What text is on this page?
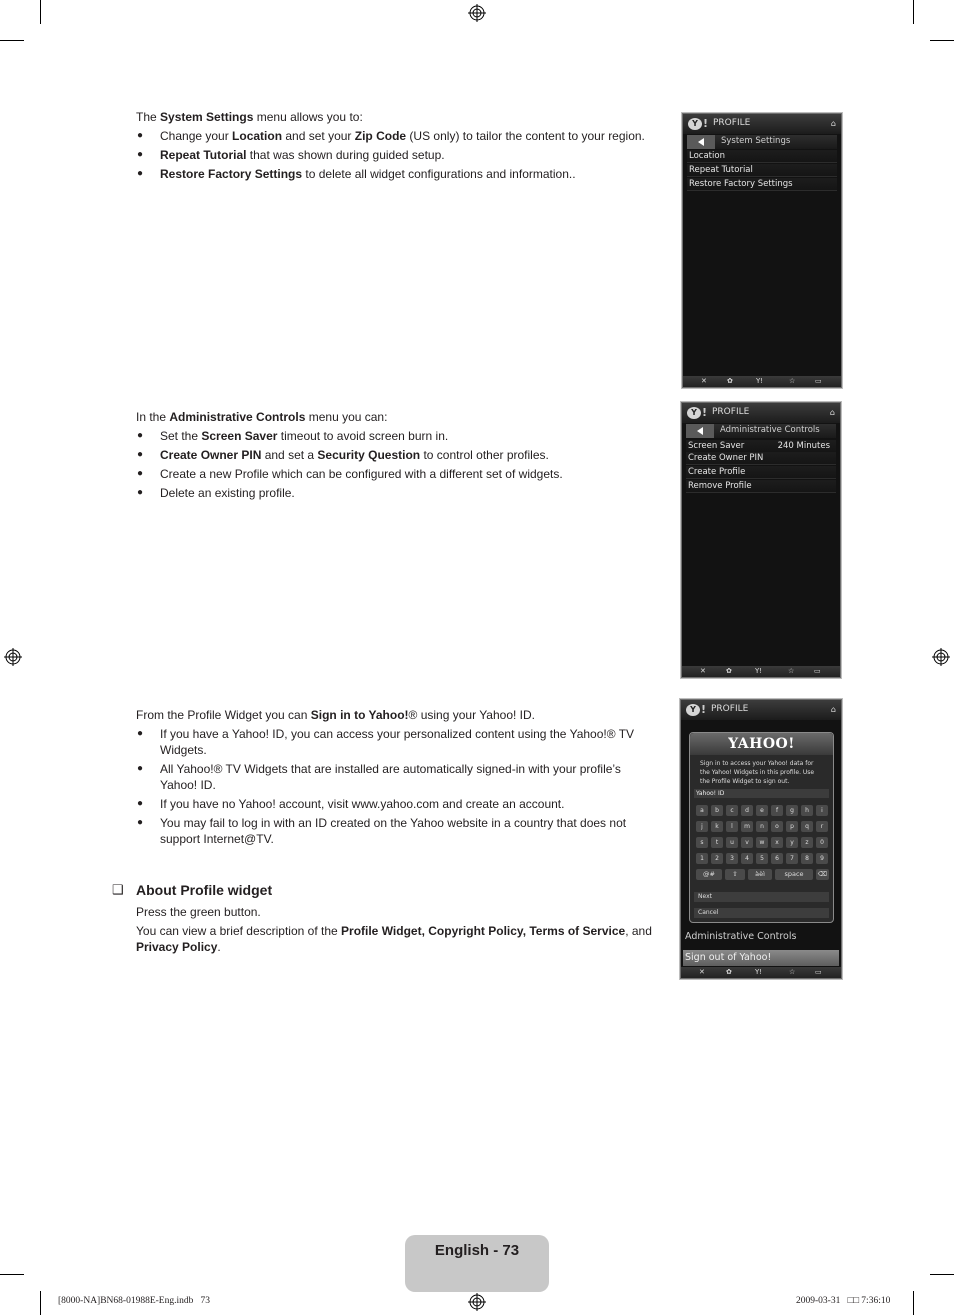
The System Settings menu allows you to:

● Change your Location and set your Zip Code (US only) to tailor the content to your region.
● Repeat Tutorial that was shown during guided setup.
● Restore Factory Settings to delete all widget configurations and information..
Y ! PROFILE	⌂
System Settings
Location
Repeat Tutorial
Restore Factory Settings
✕	✿	Y!	☆	▭

In the Administrative Controls menu you can:

● Set the Screen Saver timeout to avoid screen burn in.
● Create Owner PIN and set a Security Question to control other profiles.
● Create a new Profile which can be configured with a different set of widgets.
● Delete an existing profile.
Y ! PROFILE	⌂
Administrative Controls
Screen Saver	240 Minutes
Create Owner PIN
Create Profile
Remove Profile
✕	✿	Y!	☆	▭

From the Profile Widget you can Sign in to Yahoo!® using your Yahoo! ID.

● If you have a Yahoo! ID, you can access your personalized content using the Yahoo!® TV Widgets.
● All Yahoo!® TV Widgets that are installed are automatically signed-in with your profile’s Yahoo! ID.
● If you have no Yahoo! account, visit www.yahoo.com and create an account.
● You may fail to log in with an ID created on the Yahoo website in a country that does not support Internet@TV.
❑ About Profile widget

Press the green button.

You can view a brief description of the Profile Widget, Copyright Policy, Terms of Service, and Privacy Policy.

Y ! PROFILE	⌂
Administrative Controls
Sign out of Yahoo!
YAHOO!
Sign in to access your Yahoo! data for the Yahoo! Widgets in this profile. Use the Profile Widget to sign out.
Yahoo! ID
a	b	c	d	e	f	g	h	i
j	k	l	m	n	o	p	q	r
s	t	u	v	w	x	y	z	0
1	2	3	4	5	6	7	8	9
@#	⇧	àèì	space	⌫
Next
Cancel
✕	✿	Y!	☆	▭
English - 73
[8000-NA]BN68-01988E-Eng.indb   73	2009-03-31   □□ 7:36:10
